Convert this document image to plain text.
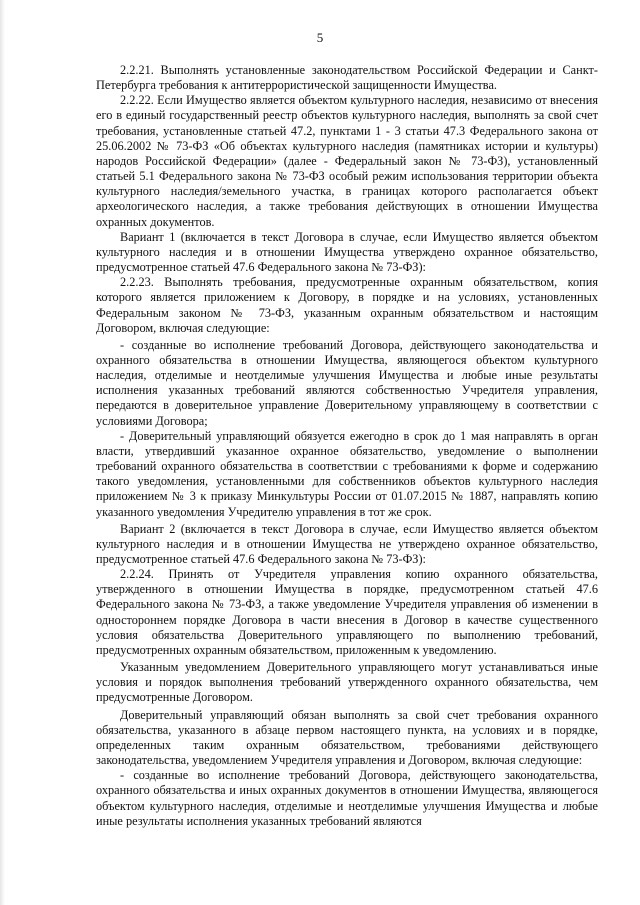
5

2.2.21. Выполнять установленные законодательством Российской Федерации и Санкт-Петербурга требования к антитеррористической защищенности Имущества.

2.2.22. Если Имущество является объектом культурного наследия, независимо от внесения его в единый государственный реестр объектов культурного наследия, выполнять за свой счет требования, установленные статьей 47.2, пунктами 1 - 3 статьи 47.3 Федерального закона от 25.06.2002 № 73-ФЗ «Об объектах культурного наследия (памятниках истории и культуры) народов Российской Федерации» (далее - Федеральный закон № 73-ФЗ), установленный статьей 5.1 Федерального закона № 73-ФЗ особый режим использования территории объекта культурного наследия/земельного участка, в границах которого располагается объект археологического наследия, а также требования действующих в отношении Имущества охранных документов.

Вариант 1 (включается в текст Договора в случае, если Имущество является объектом культурного наследия и в отношении Имущества утверждено охранное обязательство, предусмотренное статьей 47.6 Федерального закона № 73-ФЗ):

2.2.23. Выполнять требования, предусмотренные охранным обязательством, копия которого является приложением к Договору, в порядке и на условиях, установленных Федеральным законом № 73-ФЗ, указанным охранным обязательством и настоящим Договором, включая следующие:

- созданные во исполнение требований Договора, действующего законодательства и охранного обязательства в отношении Имущества, являющегося объектом культурного наследия, отделимые и неотделимые улучшения Имущества и любые иные результаты исполнения указанных требований являются собственностью Учредителя управления, передаются в доверительное управление Доверительному управляющему в соответствии с условиями Договора;

- Доверительный управляющий обязуется ежегодно в срок до 1 мая направлять в орган власти, утвердивший указанное охранное обязательство, уведомление о выполнении требований охранного обязательства в соответствии с требованиями к форме и содержанию такого уведомления, установленными для собственников объектов культурного наследия приложением № 3 к приказу Минкультуры России от 01.07.2015 № 1887, направлять копию указанного уведомления Учредителю управления в тот же срок.

Вариант 2 (включается в текст Договора в случае, если Имущество является объектом культурного наследия и в отношении Имущества не утверждено охранное обязательство, предусмотренное статьей 47.6 Федерального закона № 73-ФЗ):

2.2.24. Принять от Учредителя управления копию охранного обязательства, утвержденного в отношении Имущества в порядке, предусмотренном статьей 47.6 Федерального закона № 73-ФЗ, а также уведомление Учредителя управления об изменении в одностороннем порядке Договора в части внесения в Договор в качестве существенного условия обязательства Доверительного управляющего по выполнению требований, предусмотренных охранным обязательством, приложенным к уведомлению.

Указанным уведомлением Доверительного управляющего могут устанавливаться иные условия и порядок выполнения требований утвержденного охранного обязательства, чем предусмотренные Договором.

Доверительный управляющий обязан выполнять за свой счет требования охранного обязательства, указанного в абзаце первом настоящего пункта, на условиях и в порядке, определенных таким охранным обязательством, требованиями действующего законодательства, уведомлением Учредителя управления и Договором, включая следующие:

- созданные во исполнение требований Договора, действующего законодательства, охранного обязательства и иных охранных документов в отношении Имущества, являющегося объектом культурного наследия, отделимые и неотделимые улучшения Имущества и любые иные результаты исполнения указанных требований являются
